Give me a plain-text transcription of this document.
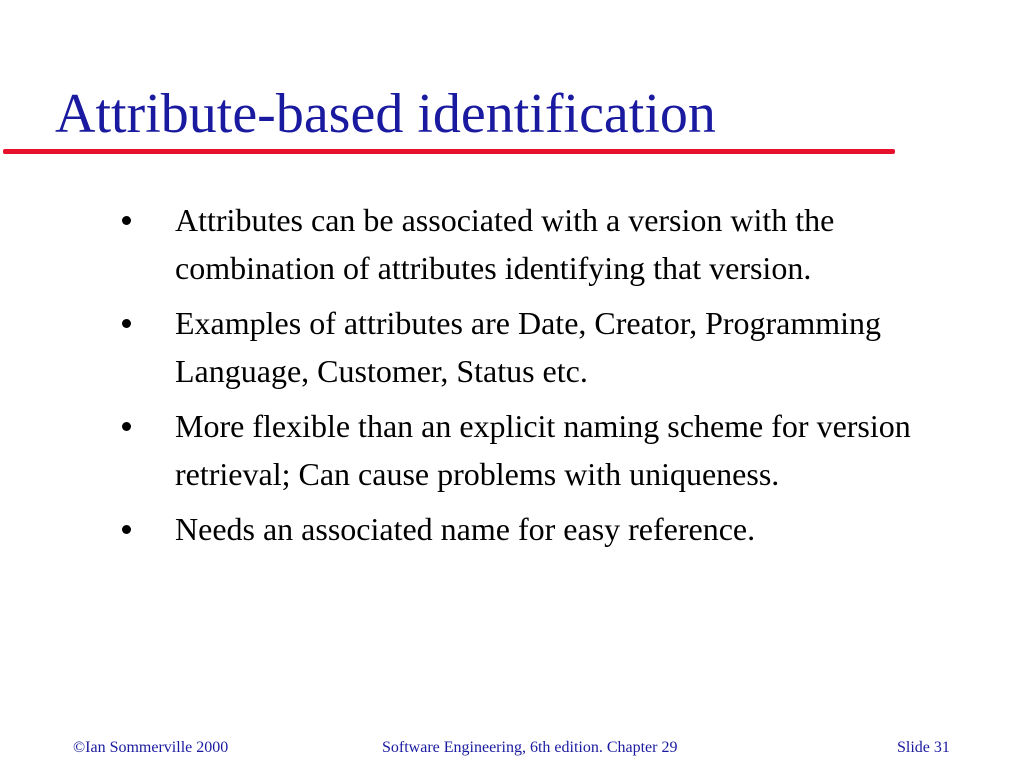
Attribute-based identification
Attributes can be associated with a version with the combination of attributes identifying that version.
Examples of attributes are Date, Creator, Programming Language, Customer, Status etc.
More flexible than an explicit naming scheme for version retrieval; Can cause problems with uniqueness.
Needs an associated name for easy reference.
©Ian Sommerville 2000	Software Engineering, 6th edition. Chapter 29	Slide 31
